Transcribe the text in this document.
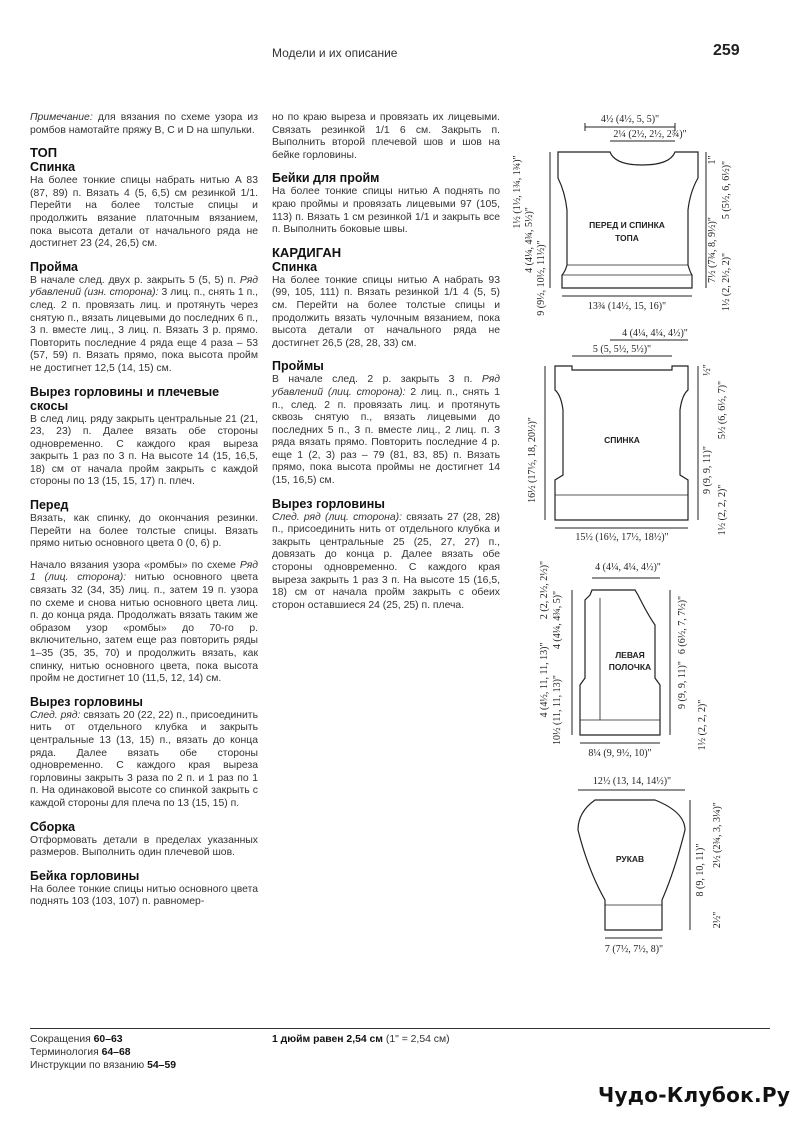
Модели и их описание	259

Примечание: для вязания по схеме узора из ромбов намотайте пряжу B, C и D на шпульки.

ТОП
Спинка

На более тонкие спицы набрать нитью A 83 (87, 89) п. Вязать 4 (5, 6,5) см резинкой 1/1. Перейти на более толстые спицы и продолжить вязание платочным вязанием, пока высота детали от начального ряда не достигнет 23 (24, 26,5) см.

Пройма

В начале след. двух р. закрыть 5 (5, 5) п. Ряд убавлений (изн. сторона): 3 лиц. п., снять 1 п., след. 2 п. провязать лиц. и протянуть через снятую п., вязать лицевыми до последних 6 п., 3 п. вместе лиц., 3 лиц. п. Вязать 3 р. прямо. Повторить последние 4 ряда еще 4 раза – 53 (57, 59) п. Вязать прямо, пока высота пройм не достигнет 12,5 (14, 15) см.

Вырез горловины и плечевые скосы

В след лиц. ряду закрыть центральные 21 (21, 23, 23) п. Далее вязать обе стороны одновременно. С каждого края выреза закрыть 1 раз по 3 п. На высоте 14 (15, 16,5, 18) см от начала пройм закрыть с каждой стороны по 13 (15, 15, 17) п. плеч.

Перед

Вязать, как спинку, до окончания резинки. Перейти на более толстые спицы. Вязать прямо нитью основного цвета 0 (0, 6) р.

Начало вязания узора «ромбы» по схеме Ряд 1 (лиц. сторона): нитью основного цвета связать 32 (34, 35) лиц. п., затем 19 п. узора по схеме и снова нитью основного цвета лиц. п. до конца ряда. Продолжать вязать таким же образом узор «ромбы» до 70-го р. включительно, затем еще раз повторить ряды 1–35 (35, 35, 70) и продолжить вязать, как спинку, нитью основного цвета, пока высота пройм не достигнет 10 (11,5, 12, 14) см.

Вырез горловины

След. ряд: связать 20 (22, 22) п., присоединить нить от отдельного клубка и закрыть центральные 13 (13, 15) п., вязать до конца ряда. Далее вязать обе стороны одновременно. С каждого края выреза горловины закрыть 3 раза по 2 п. и 1 раз по 1 п. На одинаковой высоте со спинкой закрыть с каждой стороны для плеча по 13 (15, 15) п.

Сборка

Отформовать детали в пределах указанных размеров. Выполнить один плечевой шов.

Бейка горловины

На более тонкие спицы нитью основного цвета поднять 103 (103, 107) п. равномер-

но по краю выреза и провязать их лицевыми. Связать резинкой 1/1 6 см. Закрыть п. Выполнить второй плечевой шов и шов на бейке горловины.

Бейки для пройм

На более тонкие спицы нитью A поднять по краю проймы и провязать лицевыми 97 (105, 113) п. Вязать 1 см резинкой 1/1 и закрыть все п. Выполнить боковые швы.

КАРДИГАН
Спинка

На более тонкие спицы нитью A набрать 93 (99, 105, 111) п. Вязать резинкой 1/1 4 (5, 5) см. Перейти на более толстые спицы и продолжить вязать чулочным вязанием, пока высота детали от начального ряда не достигнет 26,5 (28, 28, 33) см.

Проймы

В начале след. 2 р. закрыть 3 п. Ряд убавлений (лиц. сторона): 2 лиц. п., снять 1 п., след. 2 п. провязать лиц. и протянуть сквозь снятую п., вязать лицевыми до последних 5 п., 3 п. вместе лиц., 2 лиц. п. 3 ряда вязать прямо. Повторить последние 4 р. еще 1 (2, 3) раз – 79 (81, 83, 85) п. Вязать прямо, пока высота проймы не достигнет 14 (15, 16,5) см.

Вырез горловины

След. ряд (лиц. сторона): связать 27 (28, 28) п., присоединить нить от отдельного клубка и закрыть центральные 25 (25, 27, 27) п., довязать до конца р. Далее вязать обе стороны одновременно. С каждого края выреза закрыть 1 раз 3 п. На высоте 15 (16,5, 18) см от начала пройм закрыть с обеих сторон оставшиеся 24 (25, 25) п. плеча.

ПЕРЕД И СПИНКА
ТОПА
4½ (4½, 5, 5)"
2¼ (2½, 2½, 2¾)"
1½ (1½, 1¾, 1¾)"
4 (4¼, 4¾, 5½)"
9 (9½, 10½, 11½)"
1"
5 (5½, 6, 6½)"
7½ (7¾, 8, 9½)" 1½ (2, 2½, 2)"
13¾ (14½, 15, 16)"
СПИНКА
4 (4¼, 4¼, 4½)"
5 (5, 5½, 5½)"
16½ (17½, 18, 20½)"
½"
5½ (6, 6½, 7)"
9 (9, 9, 11)"
1½ (2, 2, 2)"
15½ (16½, 17½, 18½)"
ЛЕВАЯ
ПОЛОЧКА
4 (4¼, 4¼, 4½)"
2 (2, 2½, 2½)"
4 (4¼, 4¾, 5)"
4 (4½, 11, 11, 13)" 10½ (11, 11, 13)"
6 (6½, 7, 7½)"
9 (9, 9, 11)"
1½ (2, 2, 2)"
8¼ (9, 9½, 10)"
РУКАВ
12½ (13, 14, 14½)"
2½ (2¾, 3, 3¼)"
8 (9, 10, 11)"
2½"
7 (7½, 7½, 8)"
Сокращения 60–63
Терминология 64–68
Инструкции по вязанию 54–59
1 дюйм равен 2,54 см (1" = 2,54 см)
Чудо-Клубок.Ру
